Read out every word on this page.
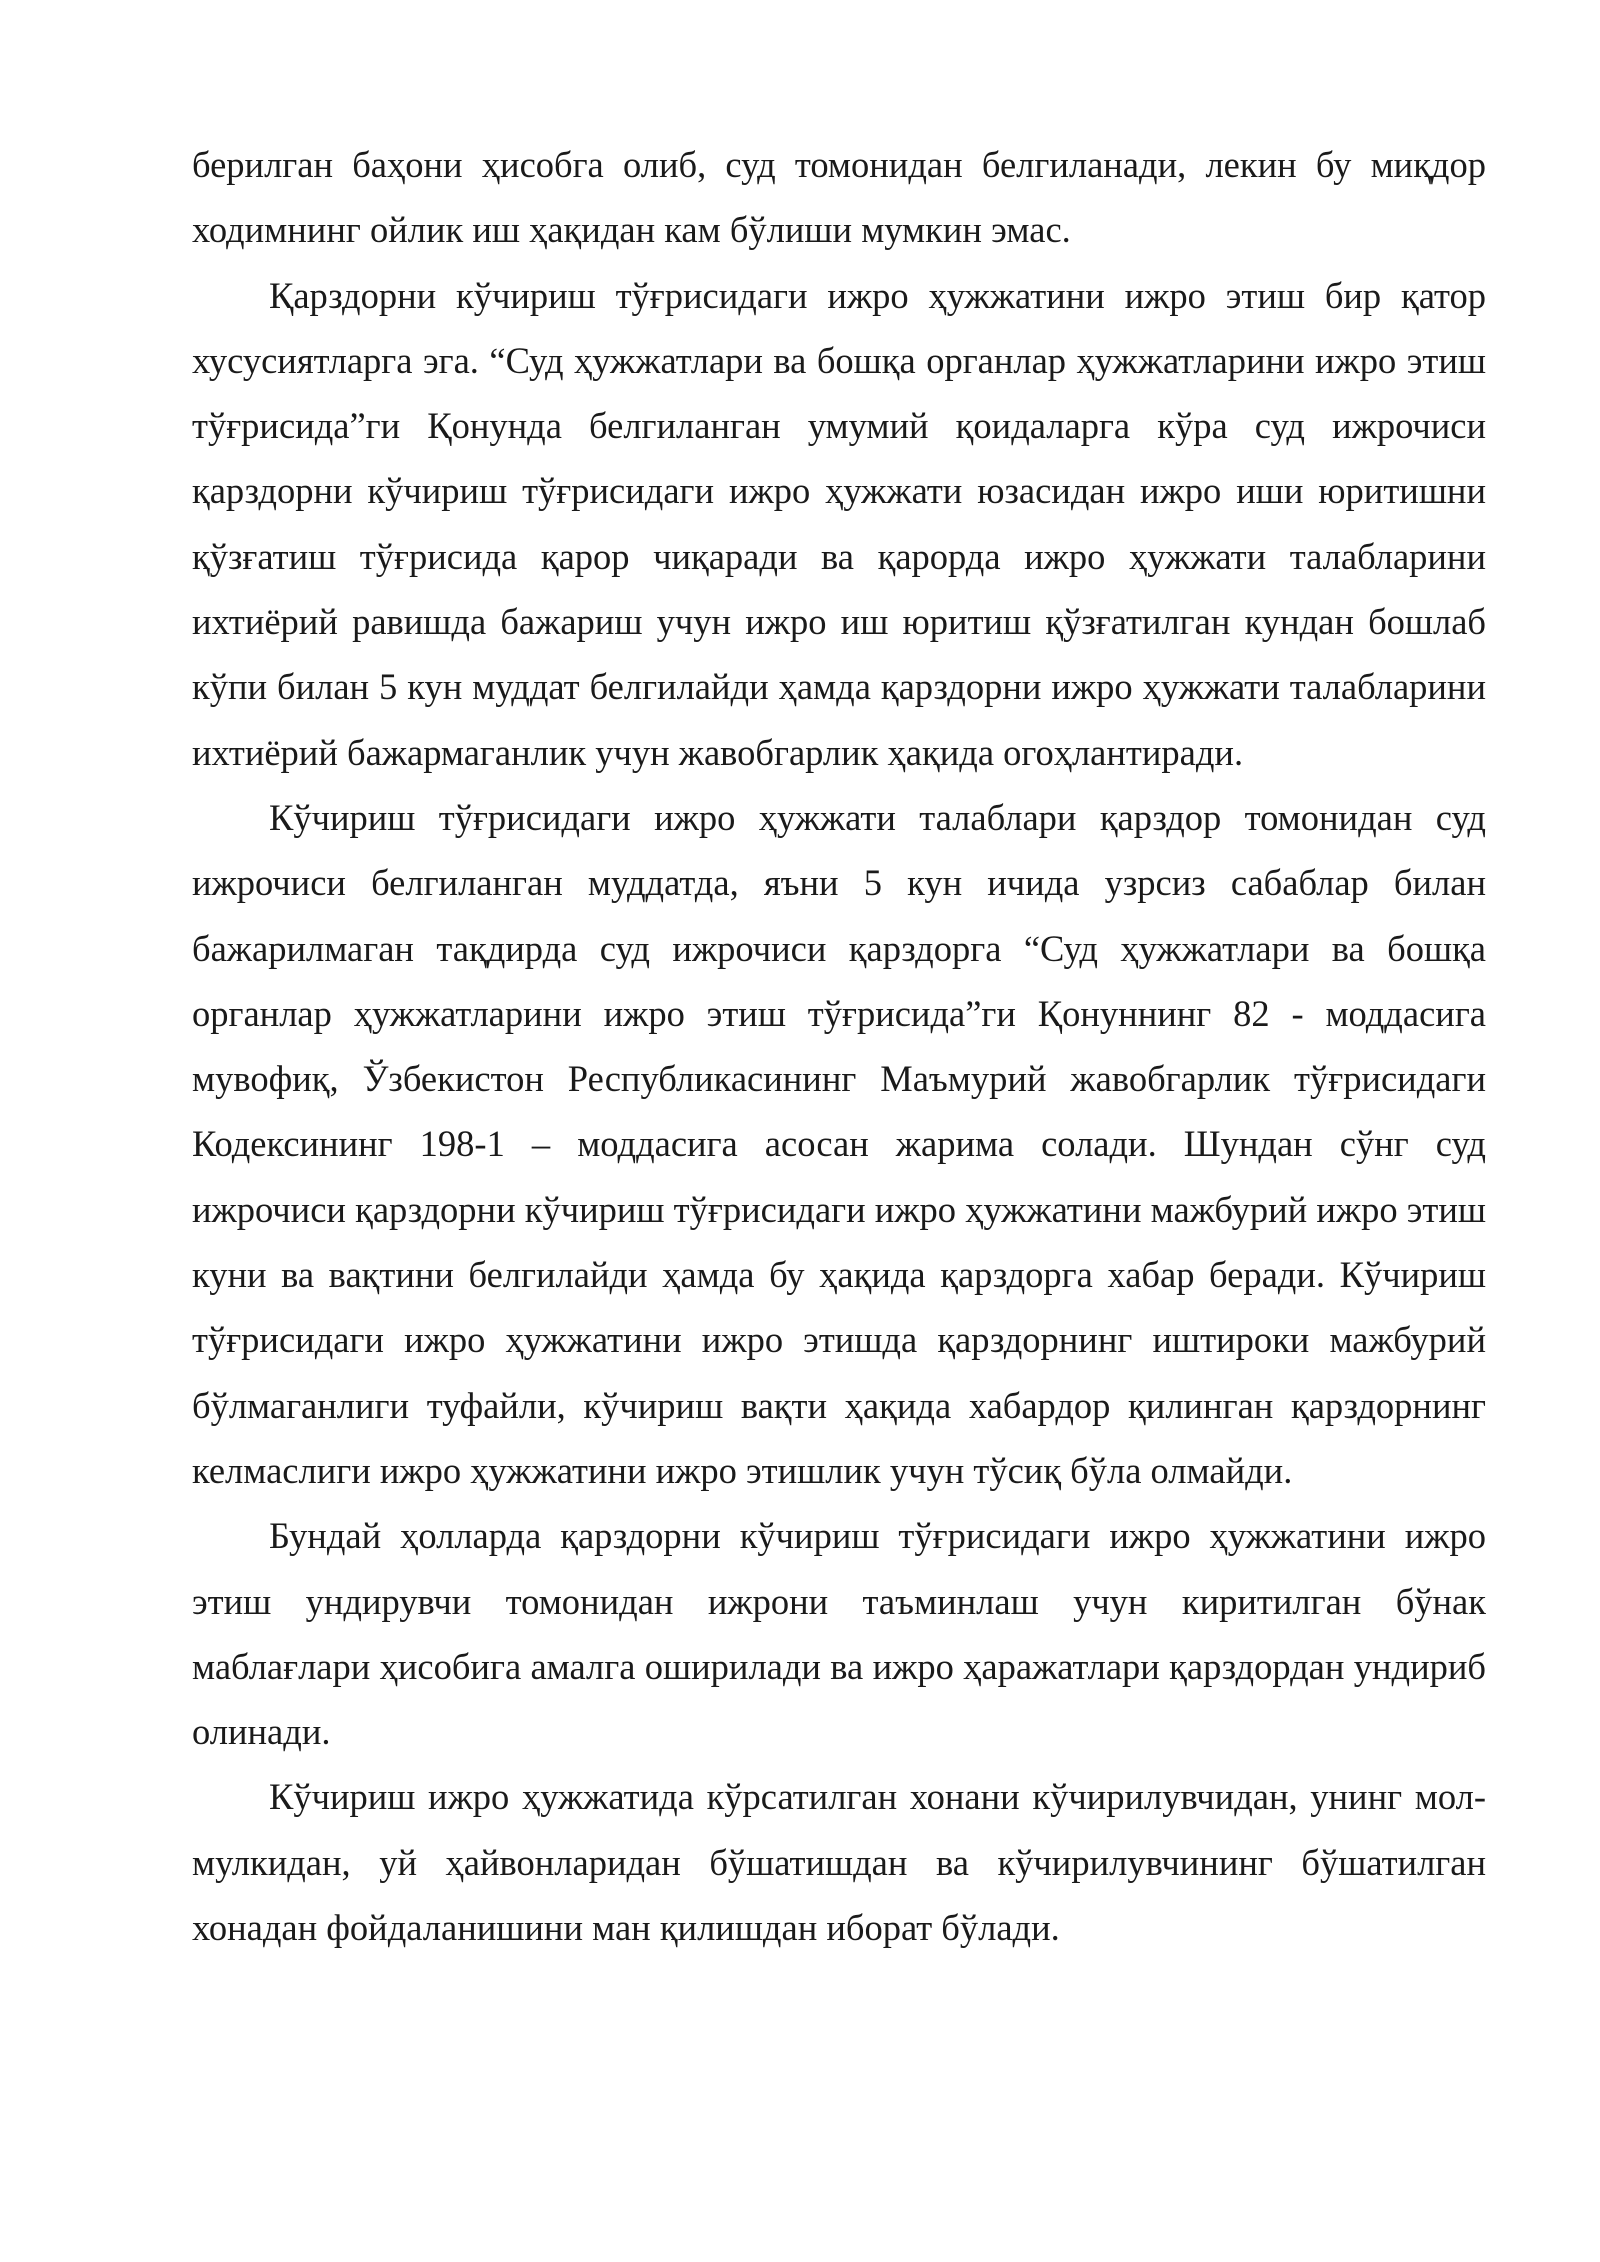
берилган баҳони ҳисобга олиб, суд томонидан белгиланади, лекин бу миқдор ходимнинг ойлик иш ҳақидан кам бўлиши мумкин эмас.

Қарздорни кўчириш тўғрисидаги ижро ҳужжатини ижро этиш бир қатор хусусиятларга эга. “Суд ҳужжатлари ва бошқа органлар ҳужжатларини ижро этиш тўғрисида”ги Қонунда белгиланган умумий қоидаларга кўра суд ижрочиси қарздорни кўчириш тўғрисидаги ижро ҳужжати юзасидан ижро иши юритишни қўзғатиш тўғрисида қарор чиқаради ва қарорда ижро ҳужжати талабларини ихтиёрий равишда бажариш учун ижро иш юритиш қўзғатилган кундан бошлаб кўпи билан 5 кун муддат белгилайди ҳамда қарздорни ижро ҳужжати талабларини ихтиёрий бажармаганлик учун жавобгарлик ҳақида огоҳлантиради.

Кўчириш тўғрисидаги ижро ҳужжати талаблари қарздор томонидан суд ижрочиси белгиланган муддатда, яъни 5 кун ичида узрсиз сабаблар билан бажарилмаган тақдирда суд ижрочиси қарздорга “Суд ҳужжатлари ва бошқа органлар ҳужжатларини ижро этиш тўғрисида”ги Қонуннинг 82 - моддасига мувофиқ, Ўзбекистон Республикасининг Маъмурий жавобгарлик тўғрисидаги Кодексининг 198-1 – моддасига асосан жарима солади. Шундан сўнг суд ижрочиси қарздорни кўчириш тўғрисидаги ижро ҳужжатини мажбурий ижро этиш куни ва вақтини белгилайди ҳамда бу ҳақида қарздорга хабар беради. Кўчириш тўғрисидаги ижро ҳужжатини ижро этишда қарздорнинг иштироки мажбурий бўлмаганлиги туфайли, кўчириш вақти ҳақида хабардор қилинган қарздорнинг келмаслиги ижро ҳужжатини ижро этишлик учун тўсиқ бўла олмайди.

Бундай ҳолларда қарздорни кўчириш тўғрисидаги ижро ҳужжатини ижро этиш ундирувчи томонидан ижрони таъминлаш учун киритилган бўнак маблағлари ҳисобига амалга оширилади ва ижро ҳаражатлари қарздордан ундириб олинади.

Кўчириш ижро ҳужжатида кўрсатилган хонани кўчирилувчидан, унинг мол-мулкидан, уй ҳайвонларидан бўшатишдан ва кўчирилувчининг бўшатилган хонадан фойдаланишини ман қилишдан иборат бўлади.
